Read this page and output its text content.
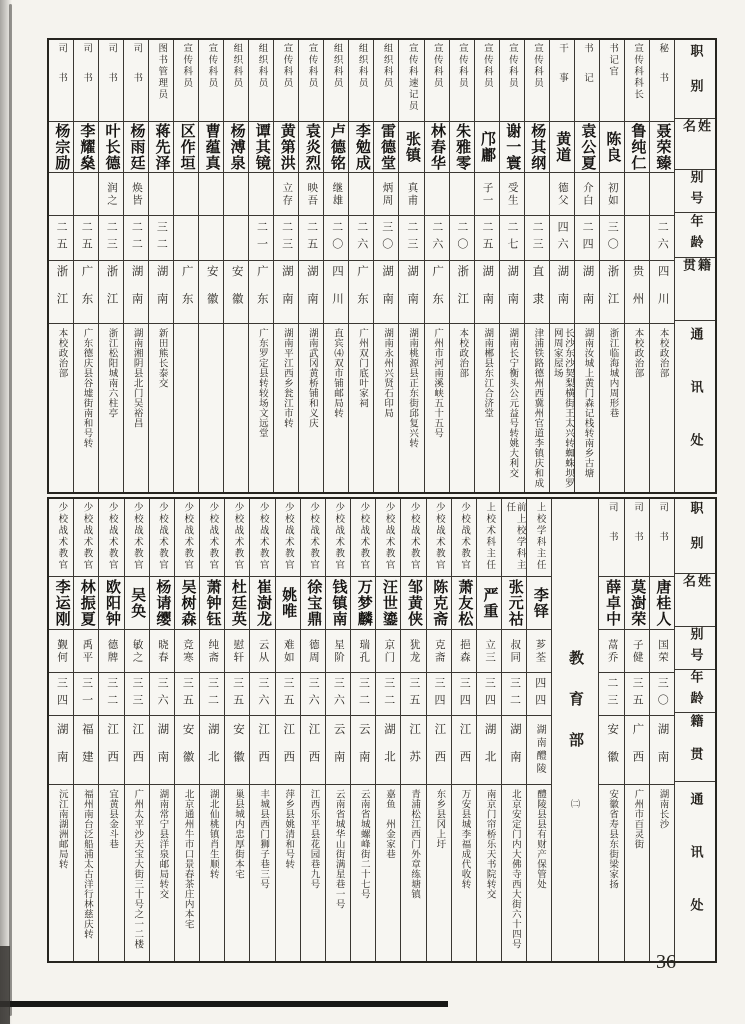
职别
姓名
别号
年龄
籍贯
通讯处
秘书
聂荣臻
二六
四川
本校政治部
宣传科科长
鲁纯仁
贵州
本校政治部
书记官
陈良
初如
三〇
浙江
浙江临海城内周形巷
书记
袁公夏
介白
二四
湖南
湖南汝城上黄门森记栈转南乡古塘
干事
黄道
德父
四六
湖南
长沙东沙契梨横街王太兴转蜘蛛坝罗网周家屋场
宣传科员
杨其纲
二三
直隶
津浦铁路德州西冀州官道李镇庆和成
宣传科员
谢一寰
受生
二七
湖南
湖南长宁衡头公元益号转姚大利交
宣传科员
邝鄘
子一
二五
湖南
湖南郴县东江合济堂
宣传科员
朱雅零
二〇
浙江
本校政治部
宣传科员
林春华
二六
广东
广州市河南溪峡五十五号
宣传科速记员
张镇
真甫
二三
湖南
湖南桃源县正东街邱复兴转
组织科员
雷德堂
炳周
三〇
湖南
湖南永州兴贤石印局
组织科员
李勉成
二六
广东
广州双门底叶家祠
组织科员
卢德铭
继雄
二〇
四川
直宾⑷双市铺邮局转
宣传科员
袁炎烈
映吾
二五
湖南
湖南武冈黄桥铺和义庆
宣传科员
黄第洪
立存
二三
湖南
湖南平江西乡瓮江市转
组织科员
谭其镜
二一
广东
广东罗定县转较场文远堂
组织科员
杨溥泉
安徽
宣传科员
曹蕴真
安徽
宣传科员
区作垣
广东
图书管理员
蒋先泽
三二
湖南
新田熊长泰交
司书
杨雨廷
焕皆
二二
湖南
湖南湘阴县北门吴裕昌
司书
叶长德
润之
二三
浙江
浙江松阳城南六柱亭
司书
李耀燊
二五
广东
广东德庆县谷墟街南和号转
司书
杨宗励
二五
浙江
本校政治部
职别
姓名
别号
年龄
籍贯
通讯处
司书
唐桂人
国荣
三〇
湖南
湖南长沙
司书
莫澍荣
子健
三五
广西
广州市百灵街
司书
薛卓中
蒚乔
二三
安徽
安徽省寿县东街梁家扬
教育部
㈡
上校学科主任
李铎
芗荃
四四
湖南醴陵
醴陵县县有财产保管处
前上校学科主任
张元祜
叔同
三二
湖南
北京安定门内大佛寺西大街六十四号
上校术科主任
严重
立三
三四
湖北
南京门帘桥乐天书院转交
少校战术教官
萧友松
挹森
三四
江西
万安县城李福成代收转
少校战术教官
陈克斋
克斋
三四
江西
东乡县冈上圩
少校战术教官
邹黄侠
犹龙
三五
江苏
青浦松江西门外章练塘镇
少校战术教官
汪世鎏
京门
三二
湖北
嘉鱼　州金家巷
少校战术教官
万梦麟
瑞孔
三二
云南
云南省城螺峰街二十七号
少校战术教官
钱镇南
星阶
三六
云南
云南省城华山街满星巷一号
少校战术教官
徐宝鼎
德周
三六
江西
江西乐平县花园巷九号
少校战术教官
姚唯
难如
三五
江西
萍乡县姚清和号转
少校战术教官
崔澍龙
云从
三六
江西
丰城县西门狮子巷三号
少校战术教官
杜廷英
慰轩
三五
安徽
巢县城内忠厚街本宅
少校战术教官
萧钟钰
纯斋
三二
湖北
湖北仙桃镇肖生顺转
少校战术教官
吴树森
竞寒
三五
安徽
北京通州牛市口景春茶庄内本宅
少校战术教官
杨请缨
晓春
三六
湖南
湖南常宁县洋泉邮局转交
少校战术教官
吴奂
敏之
三三
江西
广州太平沙天宝大街三十号之一二楼
少校战术教官
欧阳钟
德牌
三二
江西
宜黄县金斗巷
少校战术教官
林振夏
禹平
三一
福建
福州南台泛船浦太古洋行林慈庆转
少校战术教官
李运刚
觐何
三四
湖南
沅江南湖洲邮局转
36
